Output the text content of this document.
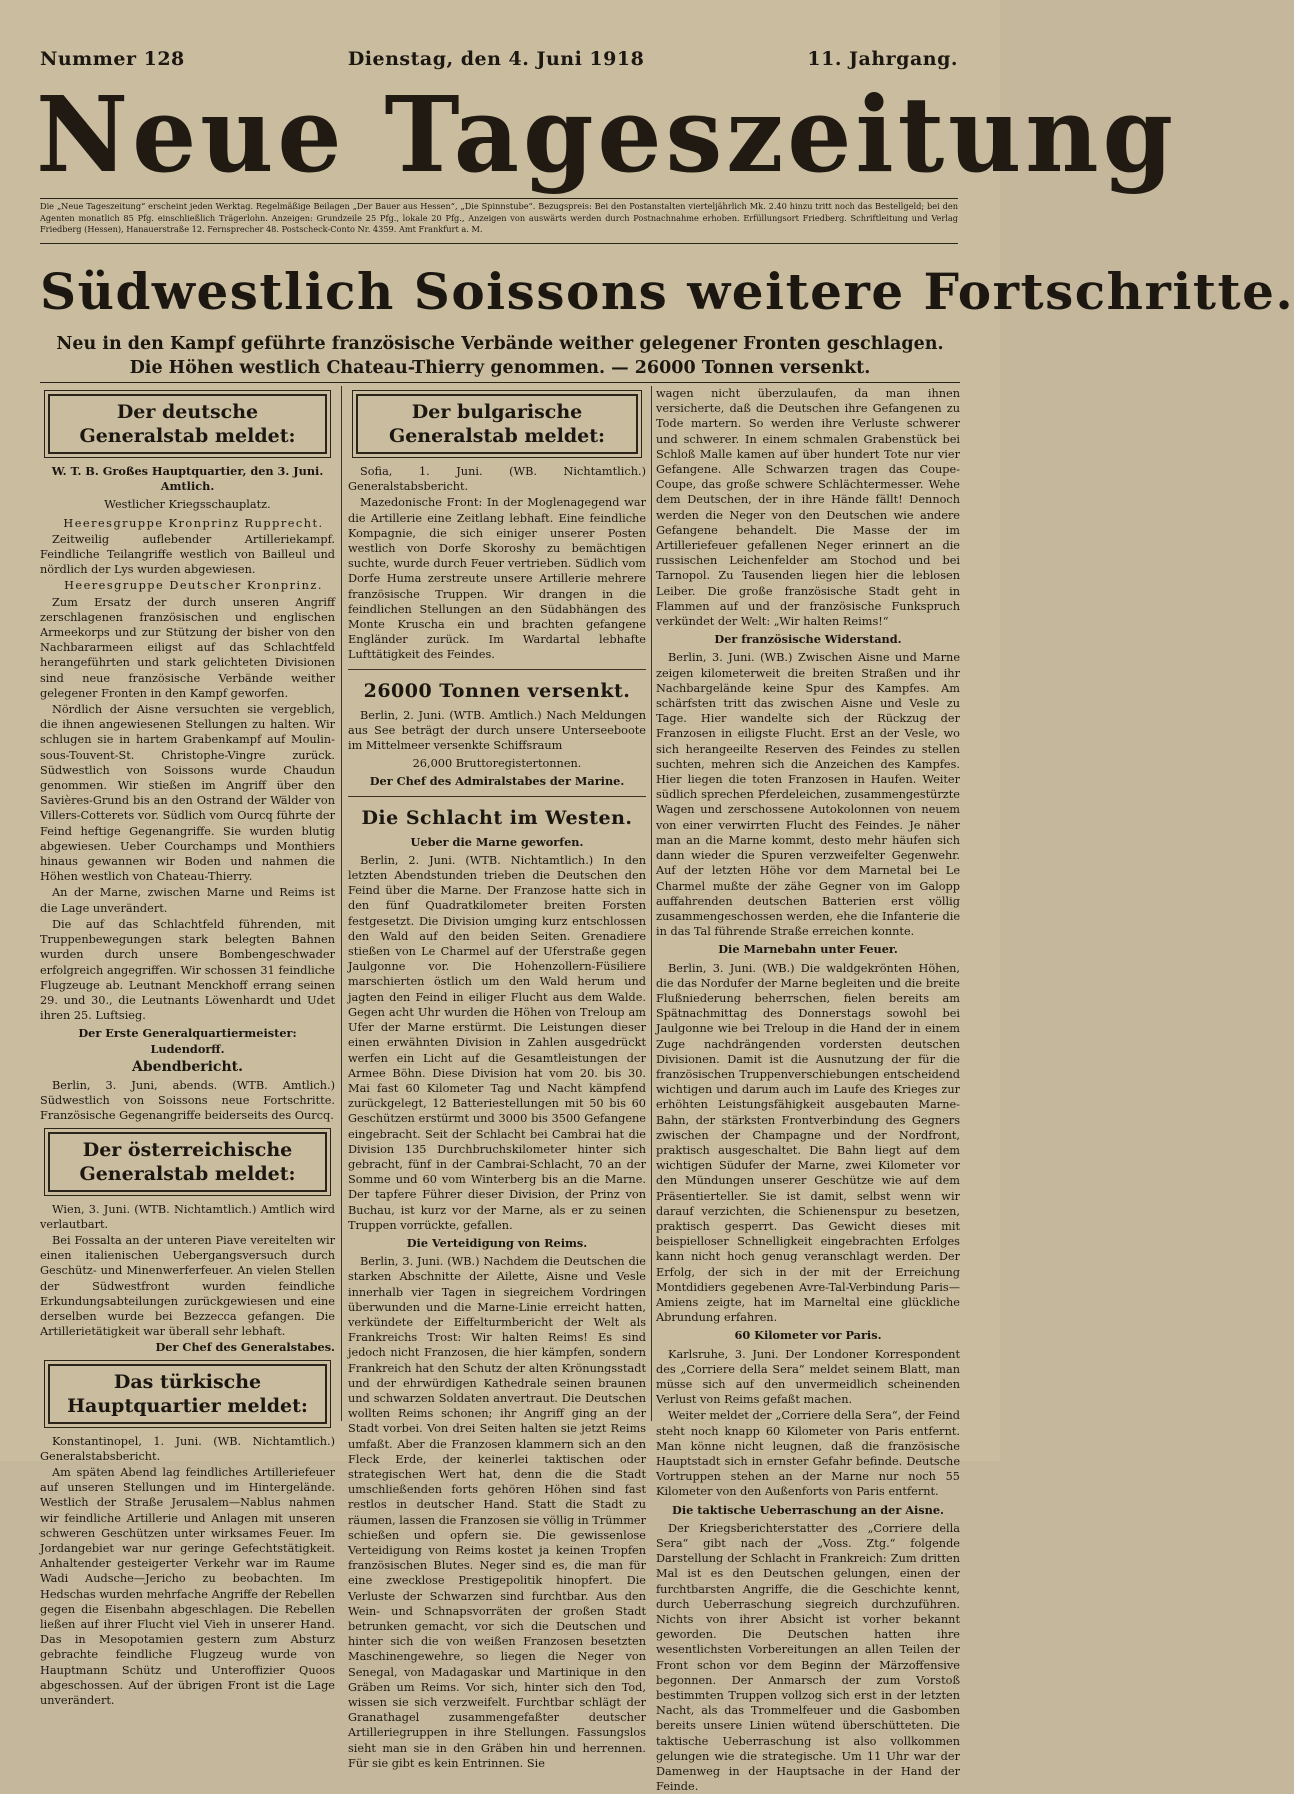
Nummer 128	Dienstag, den 4. Juni 1918	11. Jahrgang.
Neue Tageszeitung
Die „Neue Tageszeitung“ erscheint jeden Werktag. Regelmäßige Beilagen „Der Bauer aus Hessen“, „Die Spinnstube“. Bezugspreis: Bei den Postanstalten vierteljährlich Mk. 2.40 hinzu tritt noch das Bestellgeld; bei den Agenten monatlich 85 Pfg. einschließlich Trägerlohn. Anzeigen: Grundzeile 25 Pfg., lokale 20 Pfg., Anzeigen von auswärts werden durch Postnachnahme erhoben. Erfüllungsort Friedberg. Schriftleitung und Verlag Friedberg (Hessen), Hanauerstraße 12. Fernsprecher 48. Postscheck-Conto Nr. 4359. Amt Frankfurt a. M.
Südwestlich Soissons weitere Fortschritte.
Neu in den Kampf geführte französische Verbände weither gelegener Fronten geschlagen.
Die Höhen westlich Chateau-Thierry genommen. — 26000 Tonnen versenkt.
Der deutsche Generalstab meldet:

W. T. B. Großes Hauptquartier, den 3. Juni. Amtlich.

Westlicher Kriegsschauplatz.

Heeresgruppe Kronprinz Rupprecht.

Zeitweilig auflebender Artilleriekampf. Feindliche Teilangriffe westlich von Bailleul und nördlich der Lys wurden abgewiesen.

Heeresgruppe Deutscher Kronprinz.

Zum Ersatz der durch unseren Angriff zerschlagenen französischen und englischen Armeekorps und zur Stützung der bisher von den Nachbararmeen eiligst auf das Schlachtfeld herangeführten und stark gelichteten Divisionen sind neue französische Verbände weither gelegener Fronten in den Kampf geworfen.

Nördlich der Aisne versuchten sie vergeblich, die ihnen angewiesenen Stellungen zu halten. Wir schlugen sie in hartem Grabenkampf auf Moulin-sous-Touvent-St. Christophe-Vingre zurück. Südwestlich von Soissons wurde Chaudun genommen. Wir stießen im Angriff über den Savières-Grund bis an den Ostrand der Wälder von Villers-Cotterets vor. Südlich vom Ourcq führte der Feind heftige Gegenangriffe. Sie wurden blutig abgewiesen. Ueber Courchamps und Monthiers hinaus gewannen wir Boden und nahmen die Höhen westlich von Chateau-Thierry.

An der Marne, zwischen Marne und Reims ist die Lage unverändert.

Die auf das Schlachtfeld führenden, mit Truppenbewegungen stark belegten Bahnen wurden durch unsere Bombengeschwader erfolgreich angegriffen. Wir schossen 31 feindliche Flugzeuge ab. Leutnant Menckhoff errang seinen 29. und 30., die Leutnants Löwenhardt und Udet ihren 25. Luftsieg.

Der Erste Generalquartiermeister: Ludendorff.

Abendbericht.

Berlin, 3. Juni, abends. (WTB. Amtlich.) Südwestlich von Soissons neue Fortschritte. Französische Gegenangriffe beiderseits des Ourcq.

Der österreichische Generalstab meldet:

Wien, 3. Juni. (WTB. Nichtamtlich.) Amtlich wird verlautbart.

Bei Fossalta an der unteren Piave vereitelten wir einen italienischen Uebergangsversuch durch Geschütz- und Minenwerferfeuer. An vielen Stellen der Südwestfront wurden feindliche Erkundungsabteilungen zurückgewiesen und eine derselben wurde bei Bezzecca gefangen. Die Artillerietätigkeit war überall sehr lebhaft.

Der Chef des Generalstabes.

Das türkische Hauptquartier meldet:

Konstantinopel, 1. Juni. (WB. Nichtamtlich.) Generalstabsbericht.

Am späten Abend lag feindliches Artilleriefeuer auf unseren Stellungen und im Hintergelände. Westlich der Straße Jerusalem—Nablus nahmen wir feindliche Artillerie und Anlagen mit unseren schweren Geschützen unter wirksames Feuer. Im Jordangebiet war nur geringe Gefechtstätigkeit. Anhaltender gesteigerter Verkehr war im Raume Wadi Audsche—Jericho zu beobachten. Im Hedschas wurden mehrfache Angriffe der Rebellen gegen die Eisenbahn abgeschlagen. Die Rebellen ließen auf ihrer Flucht viel Vieh in unserer Hand. Das in Mesopotamien gestern zum Absturz gebrachte feindliche Flugzeug wurde von Hauptmann Schütz und Unteroffizier Quoos abgeschossen. Auf der übrigen Front ist die Lage unverändert.

Der bulgarische Generalstab meldet:

Sofia, 1. Juni. (WB. Nichtamtlich.) Generalstabsbericht.

Mazedonische Front: In der Moglenagegend war die Artillerie eine Zeitlang lebhaft. Eine feindliche Kompagnie, die sich einiger unserer Posten westlich von Dorfe Skoroshy zu bemächtigen suchte, wurde durch Feuer vertrieben. Südlich vom Dorfe Huma zerstreute unsere Artillerie mehrere französische Truppen. Wir drangen in die feindlichen Stellungen an den Südabhängen des Monte Kruscha ein und brachten gefangene Engländer zurück. Im Wardartal lebhafte Lufttätigkeit des Feindes.

26000 Tonnen versenkt.

Berlin, 2. Juni. (WTB. Amtlich.) Nach Meldungen aus See beträgt der durch unsere Unterseeboote im Mittelmeer versenkte Schiffsraum

26,000 Bruttoregistertonnen.

Der Chef des Admiralstabes der Marine.

Die Schlacht im Westen.

Ueber die Marne geworfen.

Berlin, 2. Juni. (WTB. Nichtamtlich.) In den letzten Abendstunden trieben die Deutschen den Feind über die Marne. Der Franzose hatte sich in den fünf Quadratkilometer breiten Forsten festgesetzt. Die Division umging kurz entschlossen den Wald auf den beiden Seiten. Grenadiere stießen von Le Charmel auf der Uferstraße gegen Jaulgonne vor. Die Hohenzollern-Füsiliere marschierten östlich um den Wald herum und jagten den Feind in eiliger Flucht aus dem Walde. Gegen acht Uhr wurden die Höhen von Treloup am Ufer der Marne erstürmt. Die Leistungen dieser einen erwähnten Division in Zahlen ausgedrückt werfen ein Licht auf die Gesamtleistungen der Armee Böhn. Diese Division hat vom 20. bis 30. Mai fast 60 Kilometer Tag und Nacht kämpfend zurückgelegt, 12 Batteriestellungen mit 50 bis 60 Geschützen erstürmt und 3000 bis 3500 Gefangene eingebracht. Seit der Schlacht bei Cambrai hat die Division 135 Durchbruchskilometer hinter sich gebracht, fünf in der Cambrai-Schlacht, 70 an der Somme und 60 vom Winterberg bis an die Marne. Der tapfere Führer dieser Division, der Prinz von Buchau, ist kurz vor der Marne, als er zu seinen Truppen vorrückte, gefallen.

Die Verteidigung von Reims.

Berlin, 3. Juni. (WB.) Nachdem die Deutschen die starken Abschnitte der Ailette, Aisne und Vesle innerhalb vier Tagen in siegreichem Vordringen überwunden und die Marne-Linie erreicht hatten, verkündete der Eiffelturmbericht der Welt als Frankreichs Trost: Wir halten Reims! Es sind jedoch nicht Franzosen, die hier kämpfen, sondern Frankreich hat den Schutz der alten Krönungsstadt und der ehrwürdigen Kathedrale seinen braunen und schwarzen Soldaten anvertraut. Die Deutschen wollten Reims schonen; ihr Angriff ging an der Stadt vorbei. Von drei Seiten halten sie jetzt Reims umfaßt. Aber die Franzosen klammern sich an den Fleck Erde, der keinerlei taktischen oder strategischen Wert hat, denn die die Stadt umschließenden forts gehören Höhen sind fast restlos in deutscher Hand. Statt die Stadt zu räumen, lassen die Franzosen sie völlig in Trümmer schießen und opfern sie. Die gewissenlose Verteidigung von Reims kostet ja keinen Tropfen französischen Blutes. Neger sind es, die man für eine zwecklose Prestigepolitik hinopfert. Die Verluste der Schwarzen sind furchtbar. Aus den Wein- und Schnapsvorräten der großen Stadt betrunken gemacht, vor sich die Deutschen und hinter sich die von weißen Franzosen besetzten Maschinengewehre, so liegen die Neger von Senegal, von Madagaskar und Martinique in den Gräben um Reims. Vor sich, hinter sich den Tod, wissen sie sich verzweifelt. Furchtbar schlägt der Granathagel zusammengefaßter deutscher Artilleriegruppen in ihre Stellungen. Fassungslos sieht man sie in den Gräben hin und herrennen. Für sie gibt es kein Entrinnen. Sie

wagen nicht überzulaufen, da man ihnen versicherte, daß die Deutschen ihre Gefangenen zu Tode martern. So werden ihre Verluste schwerer und schwerer. In einem schmalen Grabenstück bei Schloß Malle kamen auf über hundert Tote nur vier Gefangene. Alle Schwarzen tragen das Coupe-Coupe, das große schwere Schlächtermesser. Wehe dem Deutschen, der in ihre Hände fällt! Dennoch werden die Neger von den Deutschen wie andere Gefangene behandelt. Die Masse der im Artilleriefeuer gefallenen Neger erinnert an die russischen Leichenfelder am Stochod und bei Tarnopol. Zu Tausenden liegen hier die leblosen Leiber. Die große französische Stadt geht in Flammen auf und der französische Funkspruch verkündet der Welt: „Wir halten Reims!“

Der französische Widerstand.

Berlin, 3. Juni. (WB.) Zwischen Aisne und Marne zeigen kilometerweit die breiten Straßen und ihr Nachbargelände keine Spur des Kampfes. Am schärfsten tritt das zwischen Aisne und Vesle zu Tage. Hier wandelte sich der Rückzug der Franzosen in eiligste Flucht. Erst an der Vesle, wo sich herangeeilte Reserven des Feindes zu stellen suchten, mehren sich die Anzeichen des Kampfes. Hier liegen die toten Franzosen in Haufen. Weiter südlich sprechen Pferdeleichen, zusammengestürzte Wagen und zerschossene Autokolonnen von neuem von einer verwirrten Flucht des Feindes. Je näher man an die Marne kommt, desto mehr häufen sich dann wieder die Spuren verzweifelter Gegenwehr. Auf der letzten Höhe vor dem Marnetal bei Le Charmel mußte der zähe Gegner von im Galopp auffahrenden deutschen Batterien erst völlig zusammengeschossen werden, ehe die Infanterie die in das Tal führende Straße erreichen konnte.

Die Marnebahn unter Feuer.

Berlin, 3. Juni. (WB.) Die waldgekrönten Höhen, die das Nordufer der Marne begleiten und die breite Flußniederung beherrschen, fielen bereits am Spätnachmittag des Donnerstags sowohl bei Jaulgonne wie bei Treloup in die Hand der in einem Zuge nachdrängenden vordersten deutschen Divisionen. Damit ist die Ausnutzung der für die französischen Truppenverschiebungen entscheidend wichtigen und darum auch im Laufe des Krieges zur erhöhten Leistungsfähigkeit ausgebauten Marne-Bahn, der stärksten Frontverbindung des Gegners zwischen der Champagne und der Nordfront, praktisch ausgeschaltet. Die Bahn liegt auf dem wichtigen Südufer der Marne, zwei Kilometer vor den Mündungen unserer Geschütze wie auf dem Präsentierteller. Sie ist damit, selbst wenn wir darauf verzichten, die Schienenspur zu besetzen, praktisch gesperrt. Das Gewicht dieses mit beispielloser Schnelligkeit eingebrachten Erfolges kann nicht hoch genug veranschlagt werden. Der Erfolg, der sich in der mit der Erreichung Montdidiers gegebenen Avre-Tal-Verbindung Paris—Amiens zeigte, hat im Marneltal eine glückliche Abrundung erfahren.

60 Kilometer vor Paris.

Karlsruhe, 3. Juni. Der Londoner Korrespondent des „Corriere della Sera“ meldet seinem Blatt, man müsse sich auf den unvermeidlich scheinenden Verlust von Reims gefaßt machen.

Weiter meldet der „Corriere della Sera“, der Feind steht noch knapp 60 Kilometer von Paris entfernt. Man könne nicht leugnen, daß die französische Hauptstadt sich in ernster Gefahr befinde. Deutsche Vortruppen stehen an der Marne nur noch 55 Kilometer von den Außenforts von Paris entfernt.

Die taktische Ueberraschung an der Aisne.

Der Kriegsberichterstatter des „Corriere della Sera“ gibt nach der „Voss. Ztg.“ folgende Darstellung der Schlacht in Frankreich: Zum dritten Mal ist es den Deutschen gelungen, einen der furchtbarsten Angriffe, die die Geschichte kennt, durch Ueberraschung siegreich durchzuführen. Nichts von ihrer Absicht ist vorher bekannt geworden. Die Deutschen hatten ihre wesentlichsten Vorbereitungen an allen Teilen der Front schon vor dem Beginn der Märzoffensive begonnen. Der Anmarsch der zum Vorstoß bestimmten Truppen vollzog sich erst in der letzten Nacht, als das Trommelfeuer und die Gasbomben bereits unsere Linien wütend überschütteten. Die taktische Ueberraschung ist also vollkommen gelungen wie die strategische. Um 11 Uhr war der Damenweg in der Hauptsache in der Hand der Feinde.
